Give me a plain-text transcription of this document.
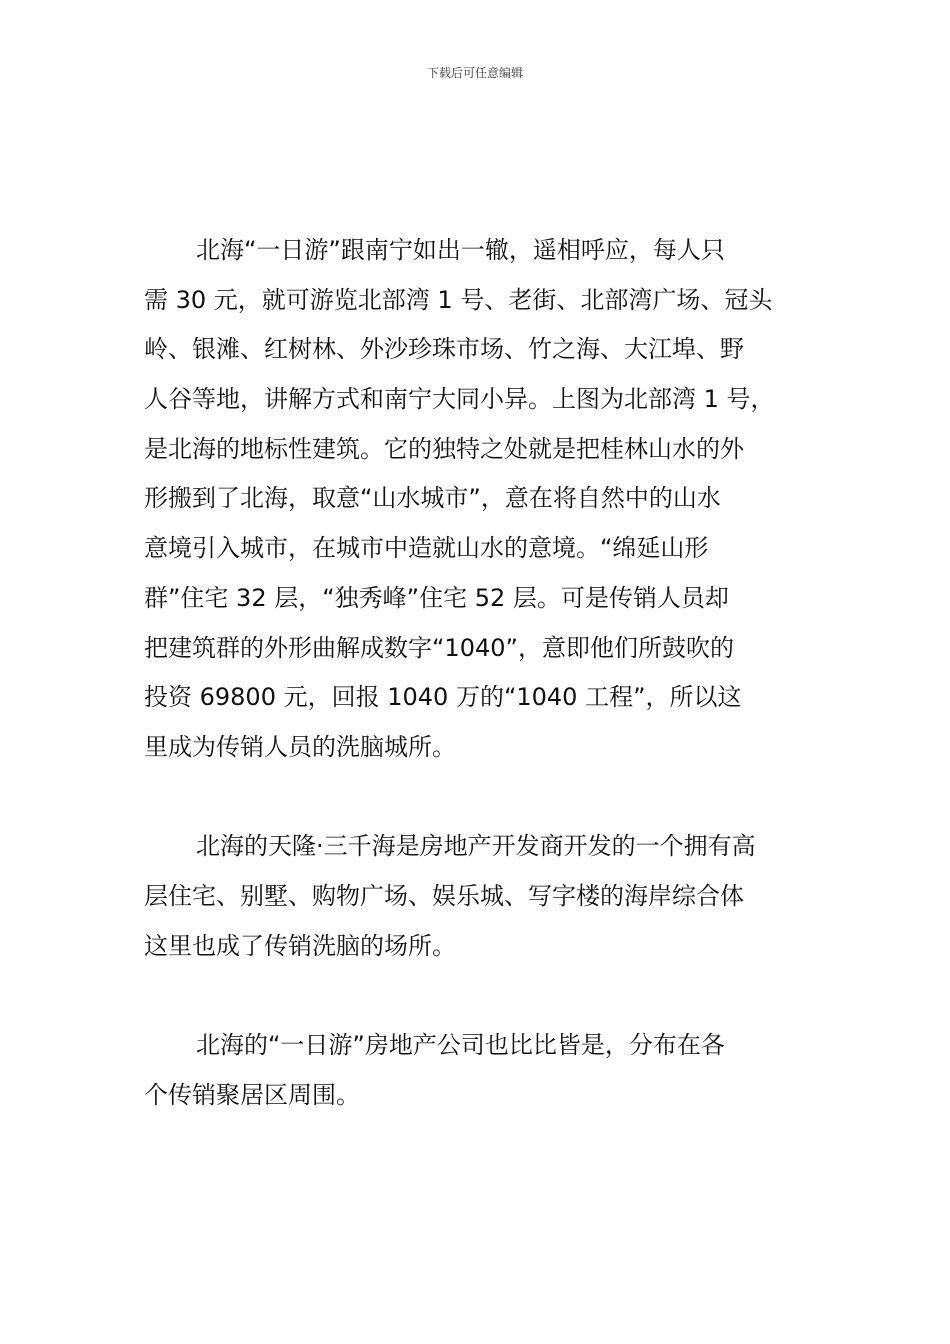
下载后可任意编辑

北海“一日游”跟南宁如出一辙，遥相呼应，每人只
需 30 元，就可游览北部湾 1 号、老街、北部湾广场、冠头
岭、银滩、红树林、外沙珍珠市场、竹之海、大江埠、野
人谷等地，讲解方式和南宁大同小异。上图为北部湾 1 号，
是北海的地标性建筑。它的独特之处就是把桂林山水的外
形搬到了北海，取意“山水城市”，意在将自然中的山水
意境引入城市，在城市中造就山水的意境。“绵延山形
群”住宅 32 层，“独秀峰”住宅 52 层。可是传销人员却
把建筑群的外形曲解成数字“1040”，意即他们所鼓吹的
投资 69800 元，回报 1040 万的“1040 工程”，所以这
里成为传销人员的洗脑城所。

北海的天隆·三千海是房地产开发商开发的一个拥有高
层住宅、别墅、购物广场、娱乐城、写字楼的海岸综合体
这里也成了传销洗脑的场所。

北海的“一日游”房地产公司也比比皆是，分布在各
个传销聚居区周围。
